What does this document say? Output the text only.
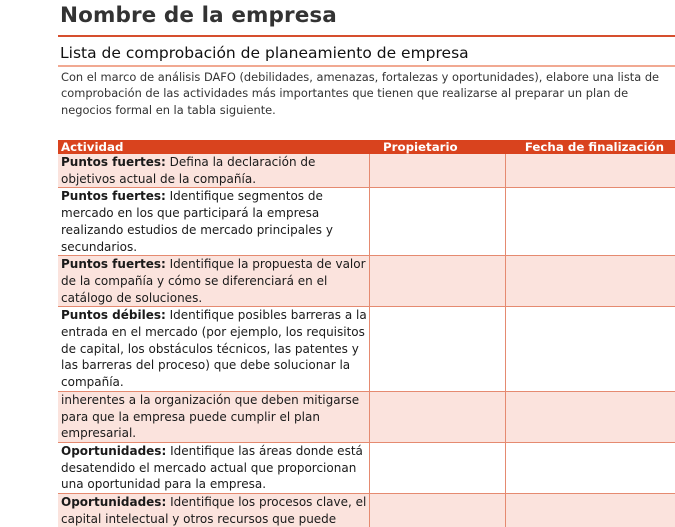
Nombre de la empresa
Lista de comprobación de planeamiento de empresa

Con el marco de análisis DAFO (debilidades, amenazas, fortalezas y oportunidades), elabore una lista de comprobación de las actividades más importantes que tienen que realizarse al preparar un plan de negocios formal en la tabla siguiente.

Actividad	Propietario	Fecha de finalización
Puntos fuertes: Defina la declaración de objetivos actual de la compañía.		
Puntos fuertes: Identifique segmentos de mercado en los que participará la empresa realizando estudios de mercado principales y secundarios.		
Puntos fuertes: Identifique la propuesta de valor de la compañía y cómo se diferenciará en el catálogo de soluciones.		
Puntos débiles: Identifique posibles barreras a la entrada en el mercado (por ejemplo, los requisitos de capital, los obstáculos técnicos, las patentes y las barreras del proceso) que debe solucionar la compañía.		
inherentes a la organización que deben mitigarse para que la empresa puede cumplir el plan empresarial.		
Oportunidades: Identifique las áreas donde está desatendido el mercado actual que proporcionan una oportunidad para la empresa.		
Oportunidades: Identifique los procesos clave, el capital intelectual y otros recursos que puede		
